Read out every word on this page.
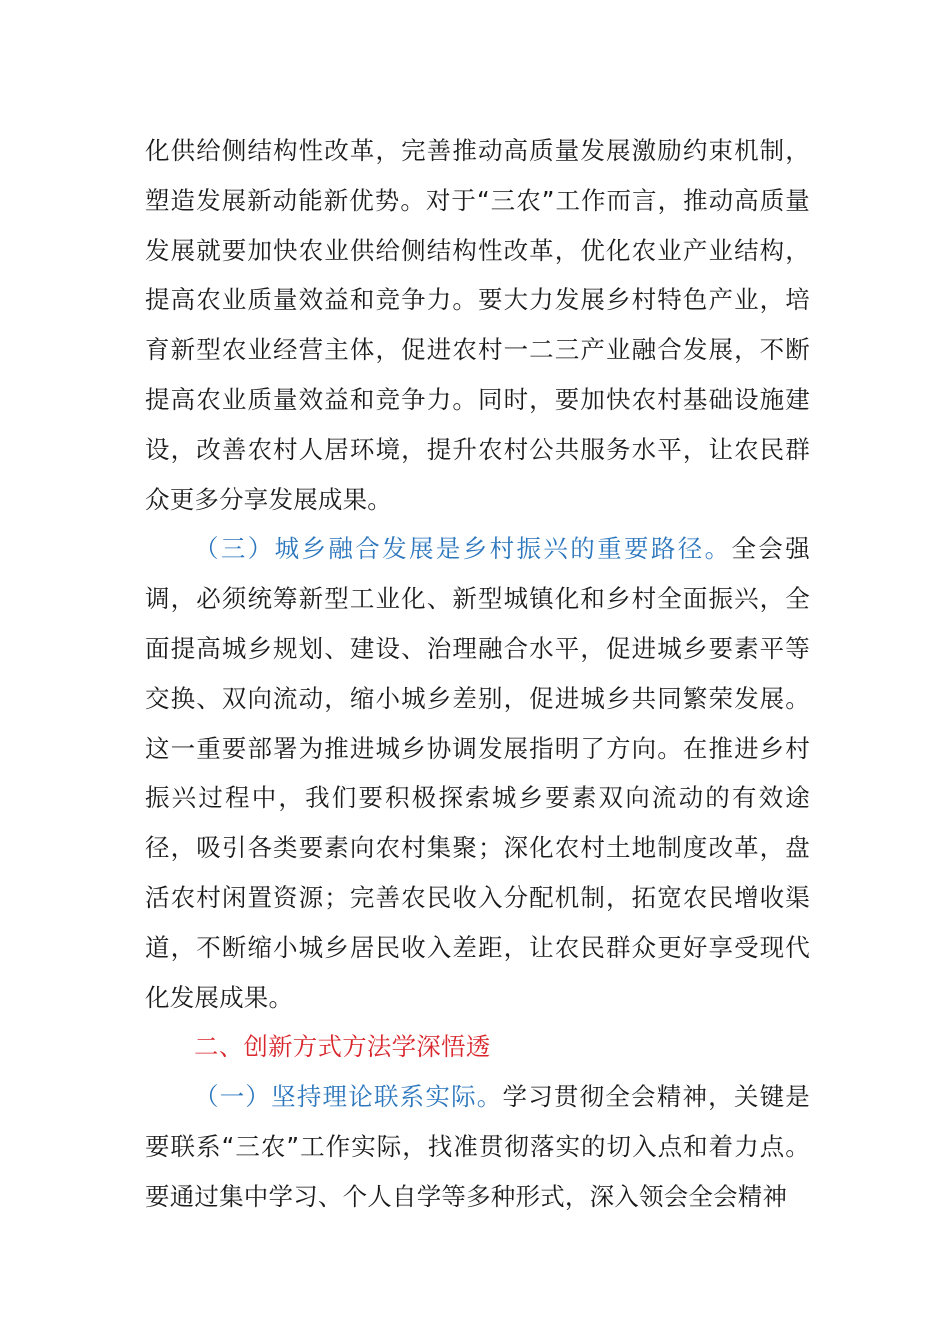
化供给侧结构性改革，完善推动高质量发展激励约束机制，塑造发展新动能新优势。对于“三农”工作而言，推动高质量发展就要加快农业供给侧结构性改革，优化农业产业结构，提高农业质量效益和竞争力。要大力发展乡村特色产业，培育新型农业经营主体，促进农村一二三产业融合发展，不断提高农业质量效益和竞争力。同时，要加快农村基础设施建设，改善农村人居环境，提升农村公共服务水平，让农民群众更多分享发展成果。

（三）城乡融合发展是乡村振兴的重要路径。全会强调，必须统筹新型工业化、新型城镇化和乡村全面振兴，全面提高城乡规划、建设、治理融合水平，促进城乡要素平等交换、双向流动，缩小城乡差别，促进城乡共同繁荣发展。这一重要部署为推进城乡协调发展指明了方向。在推进乡村振兴过程中，我们要积极探索城乡要素双向流动的有效途径，吸引各类要素向农村集聚；深化农村土地制度改革，盘活农村闲置资源；完善农民收入分配机制，拓宽农民增收渠道，不断缩小城乡居民收入差距，让农民群众更好享受现代化发展成果。

二、创新方式方法学深悟透

（一）坚持理论联系实际。学习贯彻全会精神，关键是要联系“三农”工作实际，找准贯彻落实的切入点和着力点。要通过集中学习、个人自学等多种形式，深入领会全会精神
